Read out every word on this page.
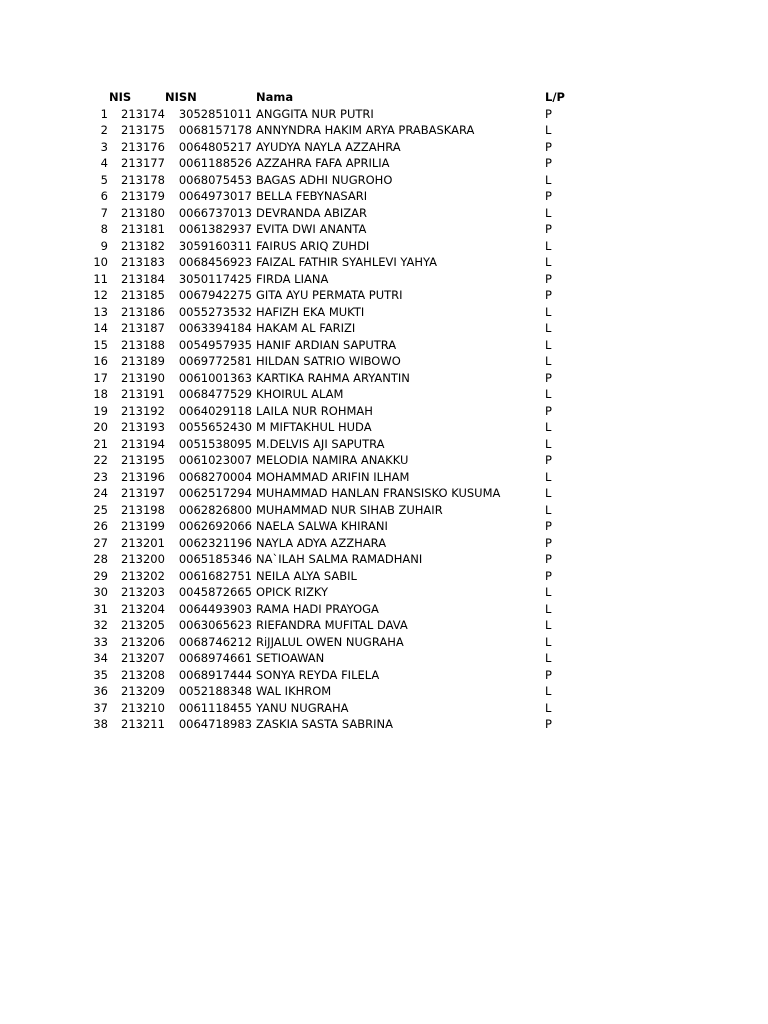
NIS	NISN	Nama	L/P
1 213174 3052851011 ANGGITA NUR PUTRI	P
2 213175 0068157178 ANNYNDRA HAKIM ARYA PRABASKARA	L
3 213176 0064805217 AYUDYA NAYLA AZZAHRA	P
4 213177 0061188526 AZZAHRA FAFA APRILIA	P
5 213178 0068075453 BAGAS ADHI NUGROHO	L
6 213179 0064973017 BELLA FEBYNASARI	P
7 213180 0066737013 DEVRANDA ABIZAR	L
8 213181 0061382937 EVITA DWI ANANTA	P
9 213182 3059160311 FAIRUS ARIQ ZUHDI	L
10 213183 0068456923 FAIZAL FATHIR SYAHLEVI YAHYA	L
11 213184 3050117425 FIRDA LIANA	P
12 213185 0067942275 GITA AYU PERMATA PUTRI	P
13 213186 0055273532 HAFIZH EKA MUKTI	L
14 213187 0063394184 HAKAM AL FARIZI	L
15 213188 0054957935 HANIF ARDIAN SAPUTRA	L
16 213189 0069772581 HILDAN SATRIO WIBOWO	L
17 213190 0061001363 KARTIKA RAHMA ARYANTIN	P
18 213191 0068477529 KHOIRUL ALAM	L
19 213192 0064029118 LAILA NUR ROHMAH	P
20 213193 0055652430 M MIFTAKHUL HUDA	L
21 213194 0051538095 M.DELVIS AJI SAPUTRA	L
22 213195 0061023007 MELODIA NAMIRA ANAKKU	P
23 213196 0068270004 MOHAMMAD ARIFIN ILHAM	L
24 213197 0062517294 MUHAMMAD HANLAN FRANSISKO KUSUMA	L
25 213198 0062826800 MUHAMMAD NUR SIHAB ZUHAIR	L
26 213199 0062692066 NAELA SALWA KHIRANI	P
27 213201 0062321196 NAYLA ADYA AZZHARA	P
28 213200 0065185346 NA`ILAH SALMA RAMADHANI	P
29 213202 0061682751 NEILA ALYA SABIL	P
30 213203 0045872665 OPICK RIZKY	L
31 213204 0064493903 RAMA HADI PRAYOGA	L
32 213205 0063065623 RIEFANDRA MUFITAL DAVA	L
33 213206 0068746212 RiJJALUL OWEN NUGRAHA	L
34 213207 0068974661 SETIOAWAN	L
35 213208 0068917444 SONYA REYDA FILELA	P
36 213209 0052188348 WAL IKHROM	L
37 213210 0061118455 YANU NUGRAHA	L
38 213211 0064718983 ZASKIA SASTA SABRINA	P
